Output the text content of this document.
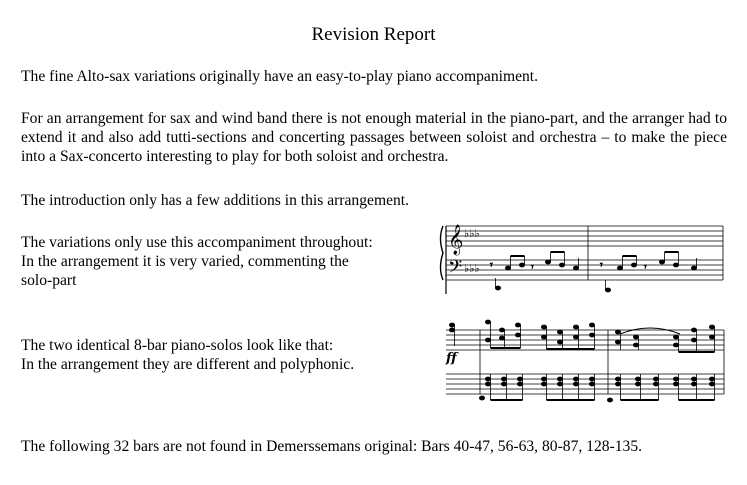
Revision Report

The fine Alto-sax variations originally have an easy-to-play piano accompaniment.

For an arrangement for sax and wind band there is not enough material in the piano-part, and the arranger had to extend it and also add tutti-sections and concerting passages between soloist and orchestra – to make the piece into a Sax-concerto interesting to play for both soloist and orchestra.

The introduction only has a few additions in this arrangement.

The variations only use this accompaniment throughout:
In the arrangement it is very varied, commenting the
solo-part
The two identical 8-bar piano-solos look like that:
In the arrangement they are different and polyphonic.

The following 32 bars are not found in Demerssemans original: Bars 40-47, 56-63, 80-87, 128-135.

𝄞
𝄢
♭♭♭
♭♭♭ 𝄾	𝄾	𝄾	𝄾
ff
